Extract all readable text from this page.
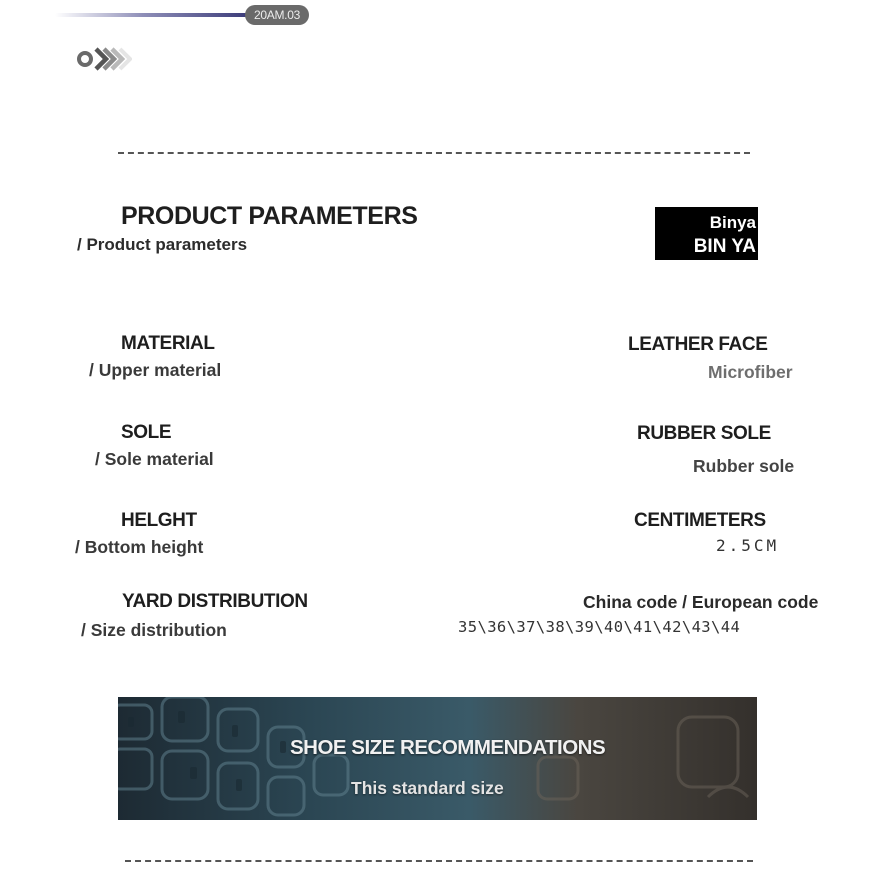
20AM.03
PRODUCT PARAMETERS
/ Product parameters
Binya
BIN YA
MATERIAL
/ Upper material
LEATHER FACE
Microfiber
SOLE
/ Sole material
RUBBER SOLE
Rubber sole
HELGHT
/ Bottom height
CENTIMETERS
2.5CM
YARD DISTRIBUTION
/ Size distribution
China code / European code
35\36\37\38\39\40\41\42\43\44
SHOE SIZE RECOMMENDATIONS
This standard size
